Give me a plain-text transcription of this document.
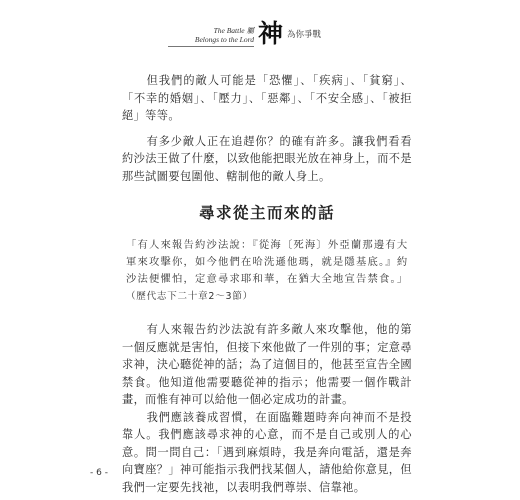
The Battle 屬
Belongs to the Lord 神 為你爭戰

但我們的敵人可能是「恐懼」、「疾病」、「貧窮」、「不幸的婚姻」、「壓力」、「惡鄰」、「不安全感」、「被拒絕」等等。

有多少敵人正在追趕你？的確有許多。讓我們看看約沙法王做了什麼，以致他能把眼光放在神身上，而不是那些試圖要包圍他、轄制他的敵人身上。

尋求從主而來的話

「有人來報告約沙法說：『從海〔死海〕外亞蘭那邊有大軍來攻擊你，如今他們在哈洗遜他瑪，就是隱基底。』約沙法便懼怕，定意尋求耶和華，在猶大全地宣告禁食。」（歷代志下二十章2～3節）

有人來報告約沙法說有許多敵人來攻擊他，他的第一個反應就是害怕，但接下來他做了一件別的事；定意尋求神，決心聽從神的話；為了這個目的，他甚至宣告全國禁食。他知道他需要聽從神的指示；他需要一個作戰計畫，而惟有神可以給他一個必定成功的計畫。

我們應該養成習慣，在面臨難題時奔向神而不是投靠人。我們應該尋求神的心意，而不是自己或別人的心意。問一問自己：「遇到麻煩時，我是奔向電話，還是奔向寶座？」神可能指示我們找某個人，請他給你意見，但我們一定要先找祂，以表明我們尊崇、信靠祂。

- 6 -
